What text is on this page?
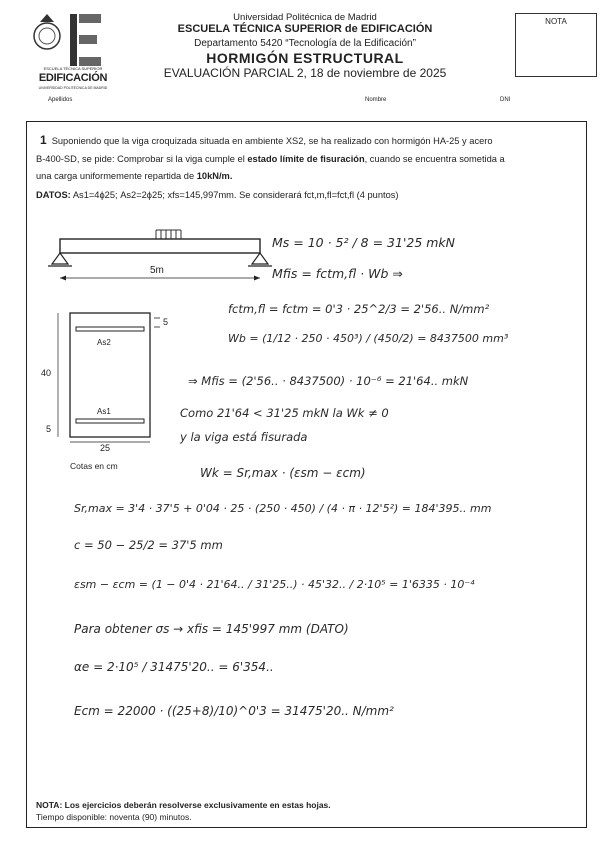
ESCUELA TÉCNICA SUPERIOR
EDIFICACIÓN
UNIVERSIDAD POLITÉCNICA DE MADRID
Universidad Politécnica de Madrid
ESCUELA TÉCNICA SUPERIOR de EDIFICACIÓN
Departamento 5420 “Tecnología de la Edificación”
HORMIGÓN ESTRUCTURAL
EVALUACIÓN PARCIAL 2, 18 de noviembre de 2025
NOTA
Apellidos	Nombre	DNI
1 Suponiendo que la viga croquizada situada en ambiente XS2, se ha realizado con hormigón HA-25 y acero
B-400-SD, se pide: Comprobar si la viga cumple el estado límite de fisuración, cuando se encuentra sometida a
una carga uniformemente repartida de 10kN/m.
DATOS: As1=4ϕ25; As2=2ϕ25; xfs=145,997mm. Se considerará fct,m,fl=fct,fl (4 puntos)
5m
5
40
5
25
As2
As1
Cotas en cm
Ms = 10 · 5² / 8 = 31'25 mkN
Mfis = fctm,fl · Wb ⇒
fctm,fl = fctm = 0'3 · 25^2/3 = 2'56.. N/mm²
Wb = (1/12 · 250 · 450³) / (450/2) = 8437500 mm³
⇒ Mfis = (2'56.. · 8437500) · 10⁻⁶ = 21'64.. mkN
Como 21'64 < 31'25 mkN la Wk ≠ 0
y la viga está fisurada
Wk = Sr,max · (εsm − εcm)
Sr,max = 3'4 · 37'5 + 0'04 · 25 · (250 · 450) / (4 · π · 12'5²) = 184'395.. mm
c = 50 − 25/2 = 37'5 mm
εsm − εcm = (1 − 0'4 · 21'64.. / 31'25..) · 45'32.. / 2·10⁵ = 1'6335 · 10⁻⁴
Para obtener σs → xfis = 145'997 mm (DATO)
αe = 2·10⁵ / 31475'20.. = 6'354..
Ecm = 22000 · ((25+8)/10)^0'3 = 31475'20.. N/mm²
NOTA: Los ejercicios deberán resolverse exclusivamente en estas hojas.
Tiempo disponible: noventa (90) minutos.
